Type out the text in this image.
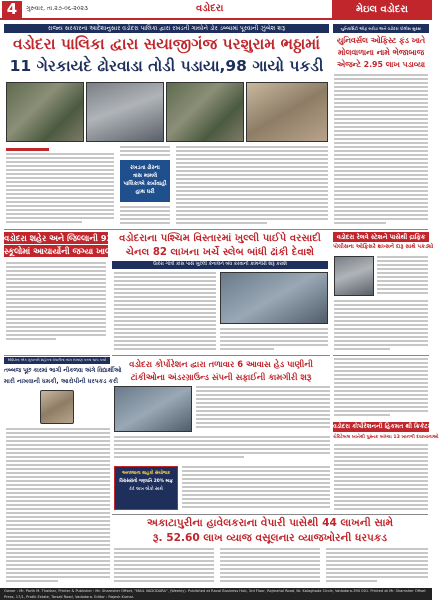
4	ગુરુવાર, તા.૨૭-૦૬-૨૦૨૩	વડોદરા	મેઇલ વડોદરા
રાજ્ય સરકારના આદેશાનુસાર વડોદરા પાલિકા દ્વારા રખડતી ગાયોને ડોર ડબ્બામાં પૂરવાની ઝુંબેશ શરૂ
વડોદરા પાલિકા દ્વારા સયાજીગંજ પરશુરામ ભઠ્ઠામાં
11 ગેરકાયદે ઢોરવાડા તોડી પડાયા,98 ગાયો પકડી
રખડતા ઢોરના
ત્રાસ મામલે
પાલિકાએ કાર્યવાહી
હાથ ધરી
યુનિવર્સિટી ઓફ બરોડા અને વડોદરા પોલીસ સુરક્ષા
યુનિવર્સલ ઓફિસ્ટ ફંડ ખાતે
મોલવાળાના નામે ભેજાબાજ
એજન્ટે 2.95 લાખ પડાવ્યા
વડોદરા શહેર અને જિલ્લાની 93
સ્કૂલોમાં આચાર્યોની જગ્યા ખાલી
વડોદરાના પશ્ચિમ વિસ્તારમાં ખુલ્લી પાઈપે વરસાદી
ચેનલ 82 લાખના ખર્ચે સ્લેબ બાંધી ઢાંકી દેવાશે
ઉકેરા ગોત્રી કાંસ પાસે ખુલ્લી કેનાલને બંધ કરવાની કામગીરી શરૂ કરાશે
વડોદરા રેલવે સ્ટેશને પાસેથી દ્રાફિક
પોલીસના ઓફિસરે શખ્સને દારૂ સાથે પકડ્યો
MSUના એક મુકાબલે શહેરના વેપારીના નામ લખાણ કરતા ચાપ કર્યો
તબ્બજ પૂછ કારમાં ભાગી નીકળવા અંગે વિદ્યાર્થીઓ
મારી નાખવાની ધમકી, આરોપીની ધરપકડ કરી
વડોદરા કોર્પોરેશન દ્વારા તળાવાર 6 આવાસ હેડ પાણીની
ટાંકીઓના અંડરગ્રાઉન્ડ સંપની સફાઈની કામગીરી શરૂ
અનલ્લાના ગ્રાહકો સંયોજક
વિરાસરાંનો ગણપતિ 20% માફ
44 લાખ લોકો સાથે
વડોદરા કોર્પોરેશનની હિકમત થી ક્રિકેટમાંથી
ચેરિટેબલ ખાતેથી પુસ્તક બાંધ્યા 13 ખાનગી દવાખાનાઓ
અકાટાપુરીના હાવેલકરાના વેપારી પાસેથી 44 લાખની સામે
રૂ. 52.60 લાખ વ્યાજ વસૂલનાર વ્યાજખોરની ધરપકડ
Owner : Mr. Parth M. Thakkar, Printer & Publisher : Mr. Shamsher Offset, "MAIL VADODARA", (Weekly). Published at Raval Business Hub, 3rd Floor, Rajmahal Road, Nr. Kalaghoda Circle, Vadodara-390 001. Printed at Mr. Shamsher Offset Press, 17/1, Pratik Estate, Tarsali Road, Vadodara. Editor : Rajesh Kumar.
